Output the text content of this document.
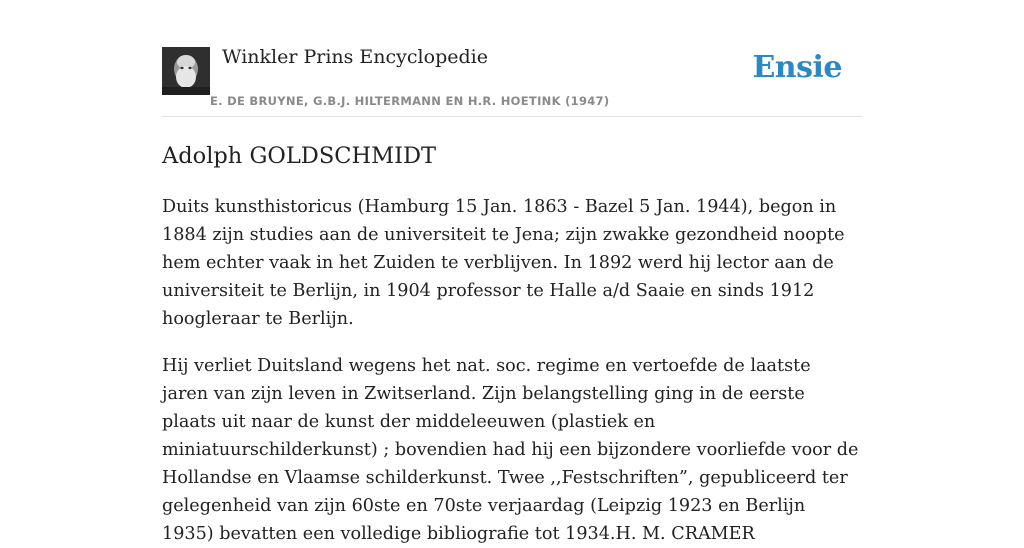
Winkler Prins Encyclopedie
E. DE BRUYNE, G.B.J. HILTERMANN EN H.R. HOETINK (1947)
Ensie
Adolph GOLDSCHMIDT

Duits kunsthistoricus (Hamburg 15 Jan. 1863 - Bazel 5 Jan. 1944), begon in 1884 zijn studies aan de universiteit te Jena; zijn zwakke gezondheid noopte hem echter vaak in het Zuiden te verblijven. In 1892 werd hij lector aan de universiteit te Berlijn, in 1904 professor te Halle a/d Saaie en sinds 1912 hoogleraar te Berlijn.

Hij verliet Duitsland wegens het nat. soc. regime en vertoefde de laatste jaren van zijn leven in Zwitserland. Zijn belangstelling ging in de eerste plaats uit naar de kunst der middeleeuwen (plastiek en miniatuurschilderkunst) ; bovendien had hij een bijzondere voorliefde voor de Hollandse en Vlaamse schilderkunst. Twee ,,Festschriften”, gepubliceerd ter gelegenheid van zijn 60ste en 70ste verjaardag (Leipzig 1923 en Berlijn 1935) bevatten een volledige bibliografie tot 1934.H. M. CRAMER
